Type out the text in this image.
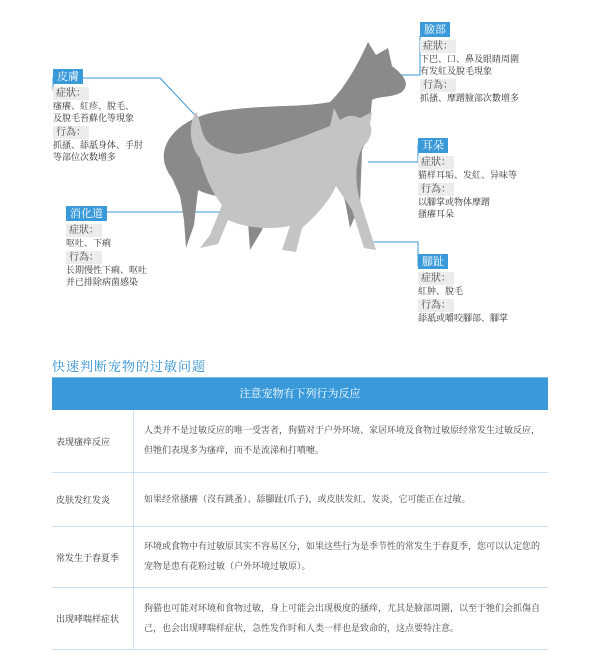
皮膚
症狀：
瘙癢、紅疹、脫毛、
及脫毛苔蘚化等現象
行為：
抓搔、舔舐身体、手肘
等部位次数增多
消化道
症狀：
呕吐、下痢
行為：
长期慢性下痢、呕吐
并已排除病菌感染
臉部
症狀：
下巴、口、鼻及眼睛周圍
有发紅及脫毛現象
行為：
抓搔、摩蹭臉部次數增多
耳朵
症狀：
猫样耳垢、发紅、异味等
行為：
以腳掌或物体摩蹭
搔癢耳朵
腳趾
症狀：
紅肿、脫毛
行為：
舔舐或嚼咬腳部、腳掌
快速判断宠物的过敏问题
注意宠物有下列行为反应
表现瘙痒反应
人类并不是过敏反应的唯一受害者，狗猫对于户外环境、家居环境及食物过敏原经常发生过敏反应，但牠们表现多为瘙痒，而不是流涕和打噴嚏。
皮肤发红发炎	如果经常搔癢（沒有跳蚤）、舔腳趾(爪子)，或皮肤发紅、发炎，它可能正在过敏。
常发生于春夏季
环境或食物中有过敏原其实不容易区分，如果这些行为是季节性的常发生于春夏季，您可以认定您的宠物是患有花粉过敏（户外环境过敏原）。
出现哮喘样症状
狗猫也可能对环境和食物过敏，身上可能会出现极度的搔痒，尤其是臉部周圍，以至于牠们会抓傷自己，也会出现哮喘样症状，急性发作时和人类一样也是致命的，这点要特注意。
